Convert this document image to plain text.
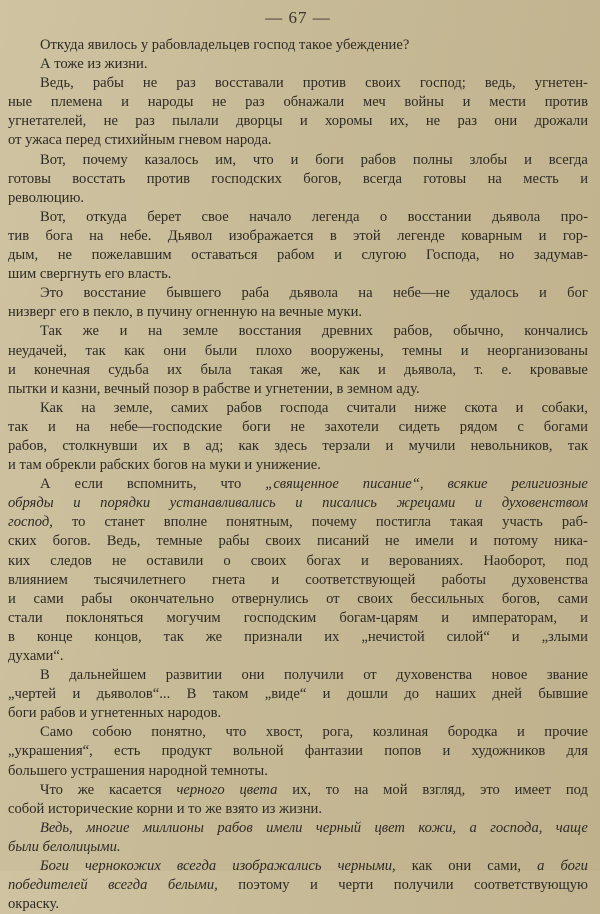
— 67 —
Откуда явилось у рабовладельцев господ такое убеждение?
А тоже из жизни.
Ведь, рабы не раз восставали против своих господ; ведь, угнетен-
ные племена и народы не раз обнажали меч войны и мести против
угнетателей, не раз пылали дворцы и хоромы их, не раз они дрожали
от ужаса перед стихийным гневом народа.
Вот, почему казалось им, что и боги рабов полны злобы и всегда
готовы восстать против господских богов, всегда готовы на месть и
революцию.
Вот, откуда берет свое начало легенда о восстании дьявола про-
тив бога на небе. Дьявол изображается в этой легенде коварным и гор-
дым, не пожелавшим оставаться рабом и слугою Господа, но задумав-
шим свергнуть его власть.
Это восстание бывшего раба дьявола на небе—не удалось и бог
низверг его в пекло, в пучину огненную на вечные муки.
Так же и на земле восстания древних рабов, обычно, кончались
неудачей, так как они были плохо вооружены, темны и неорганизованы
и конечная судьба их была такая же, как и дьявола, т. е. кровавые
пытки и казни, вечный позор в рабстве и угнетении, в земном аду.
Как на земле, самих рабов господа считали ниже скота и собаки,
так и на небе—господские боги не захотели сидеть рядом с богами
рабов, столкнувши их в ад; как здесь терзали и мучили невольников, так
и там обрекли рабских богов на муки и унижение.
А если вспомнить, что „священное писание“, всякие религиозные
обряды и порядки устанавливались и писались жрецами и духовенством
господ, то станет вполне понятным, почему постигла такая участь раб-
ских богов. Ведь, темные рабы своих писаний не имели и потому ника-
ких следов не оставили о своих богах и верованиях. Наоборот, под
влиянием тысячилетнего гнета и соответствующей работы духовенства
и сами рабы окончательно отвернулись от своих бессильных богов, сами
стали поклоняться могучим господским богам-царям и императорам, и
в конце концов, так же признали их „нечистой силой“ и „злыми
духами“.
В дальнейшем развитии они получили от духовенства новое звание
„чертей и дьяволов“... В таком „виде“ и дошли до наших дней бывшие
боги рабов и угнетенных народов.
Само собою понятно, что хвост, рога, козлиная бородка и прочие
„украшения“, есть продукт вольной фантазии попов и художников для
большего устрашения народной темноты.
Что же касается черного цвета их, то на мой взгляд, это имеет под
собой исторические корни и то же взято из жизни.
Ведь, многие миллионы рабов имели черный цвет кожи, а господа, чаще
были белолицыми.
Боги чернокожих всегда изображались черными, как они сами, а боги
победителей всегда белыми, поэтому и черти получили соответствующую
окраску.
